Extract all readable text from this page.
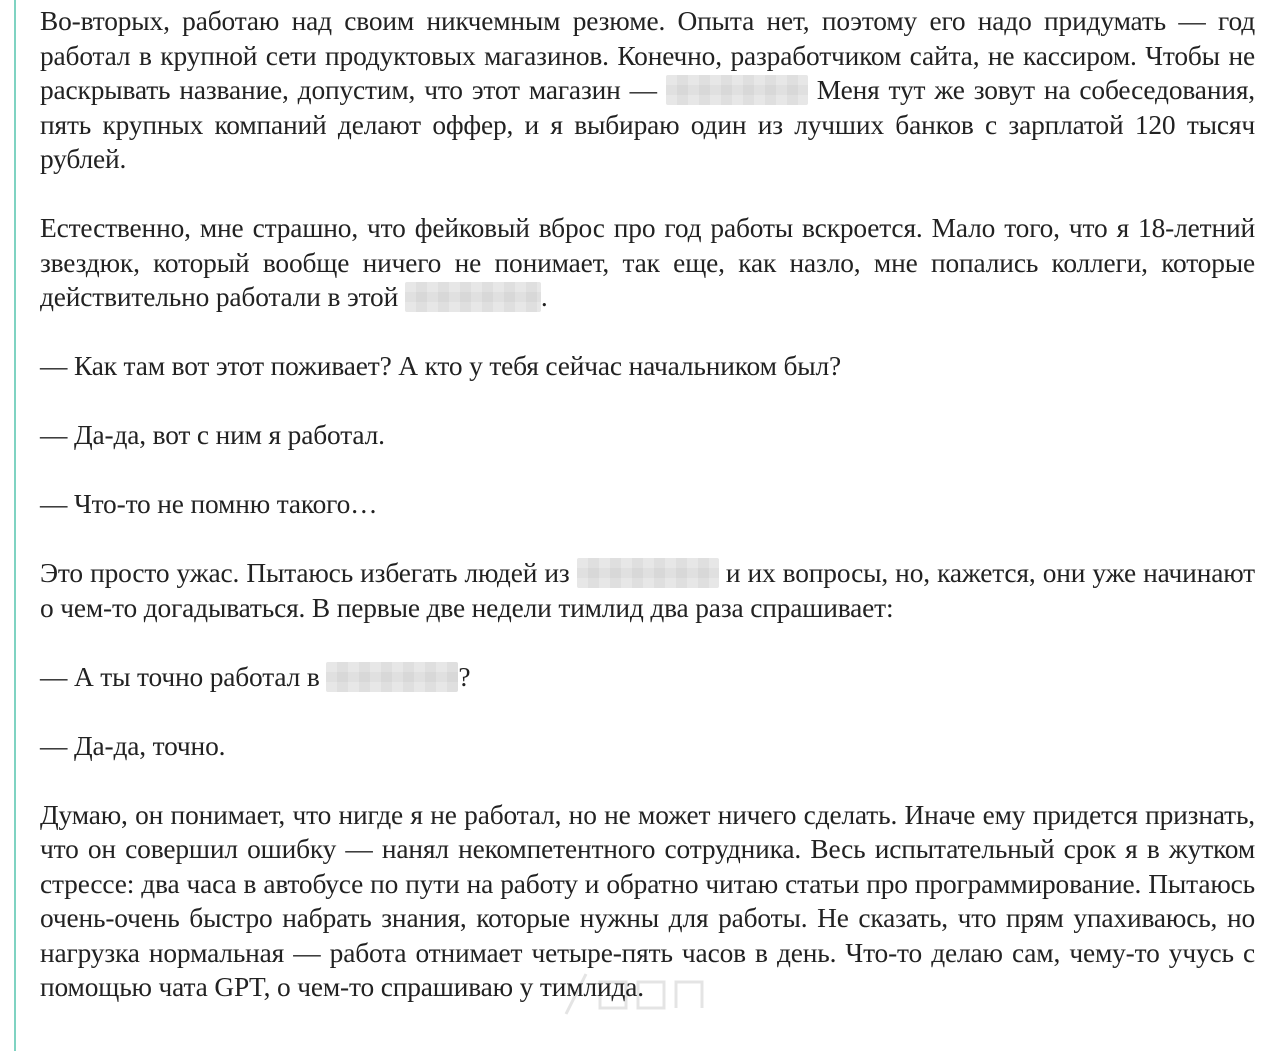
Во-вторых, работаю над своим никчемным резюме. Опыта нет, поэтому его надо придумать — год работал в крупной сети продуктовых магазинов. Конечно, разработчиком сайта, не кассиром. Чтобы не раскрывать название, допустим, что этот магазин —	Меня тут же зовут на собеседования, пять крупных компаний делают оффер, и я выбираю один из лучших банков с зарплатой 120 тысяч рублей.

Естественно, мне страшно, что фейковый вброс про год работы вскроется. Мало того, что я 18-летний звездюк, который вообще ничего не понимает, так еще, как назло, мне попались коллеги, которые действительно работали в этой	.

— Как там вот этот поживает? А кто у тебя сейчас начальником был?

— Да-да, вот с ним я работал.

— Что-то не помню такого…

Это просто ужас. Пытаюсь избегать людей из	и их вопросы, но, кажется, они уже начинают о чем-то догадываться. В первые две недели тимлид два раза спрашивает:

— А ты точно работал в	?

— Да-да, точно.

Думаю, он понимает, что нигде я не работал, но не может ничего сделать. Иначе ему придется признать, что он совершил ошибку — нанял некомпетентного сотрудника. Весь испытательный срок я в жутком стрессе: два часа в автобусе по пути на работу и обратно читаю статьи про программирование. Пытаюсь очень-очень быстро набрать знания, которые нужны для работы. Не сказать, что прям упахиваюсь, но нагрузка нормальная — работа отнимает четыре-пять часов в день. Что-то делаю сам, чему-то учусь с помощью чата GPT, о чем-то спрашиваю у тимлида.
